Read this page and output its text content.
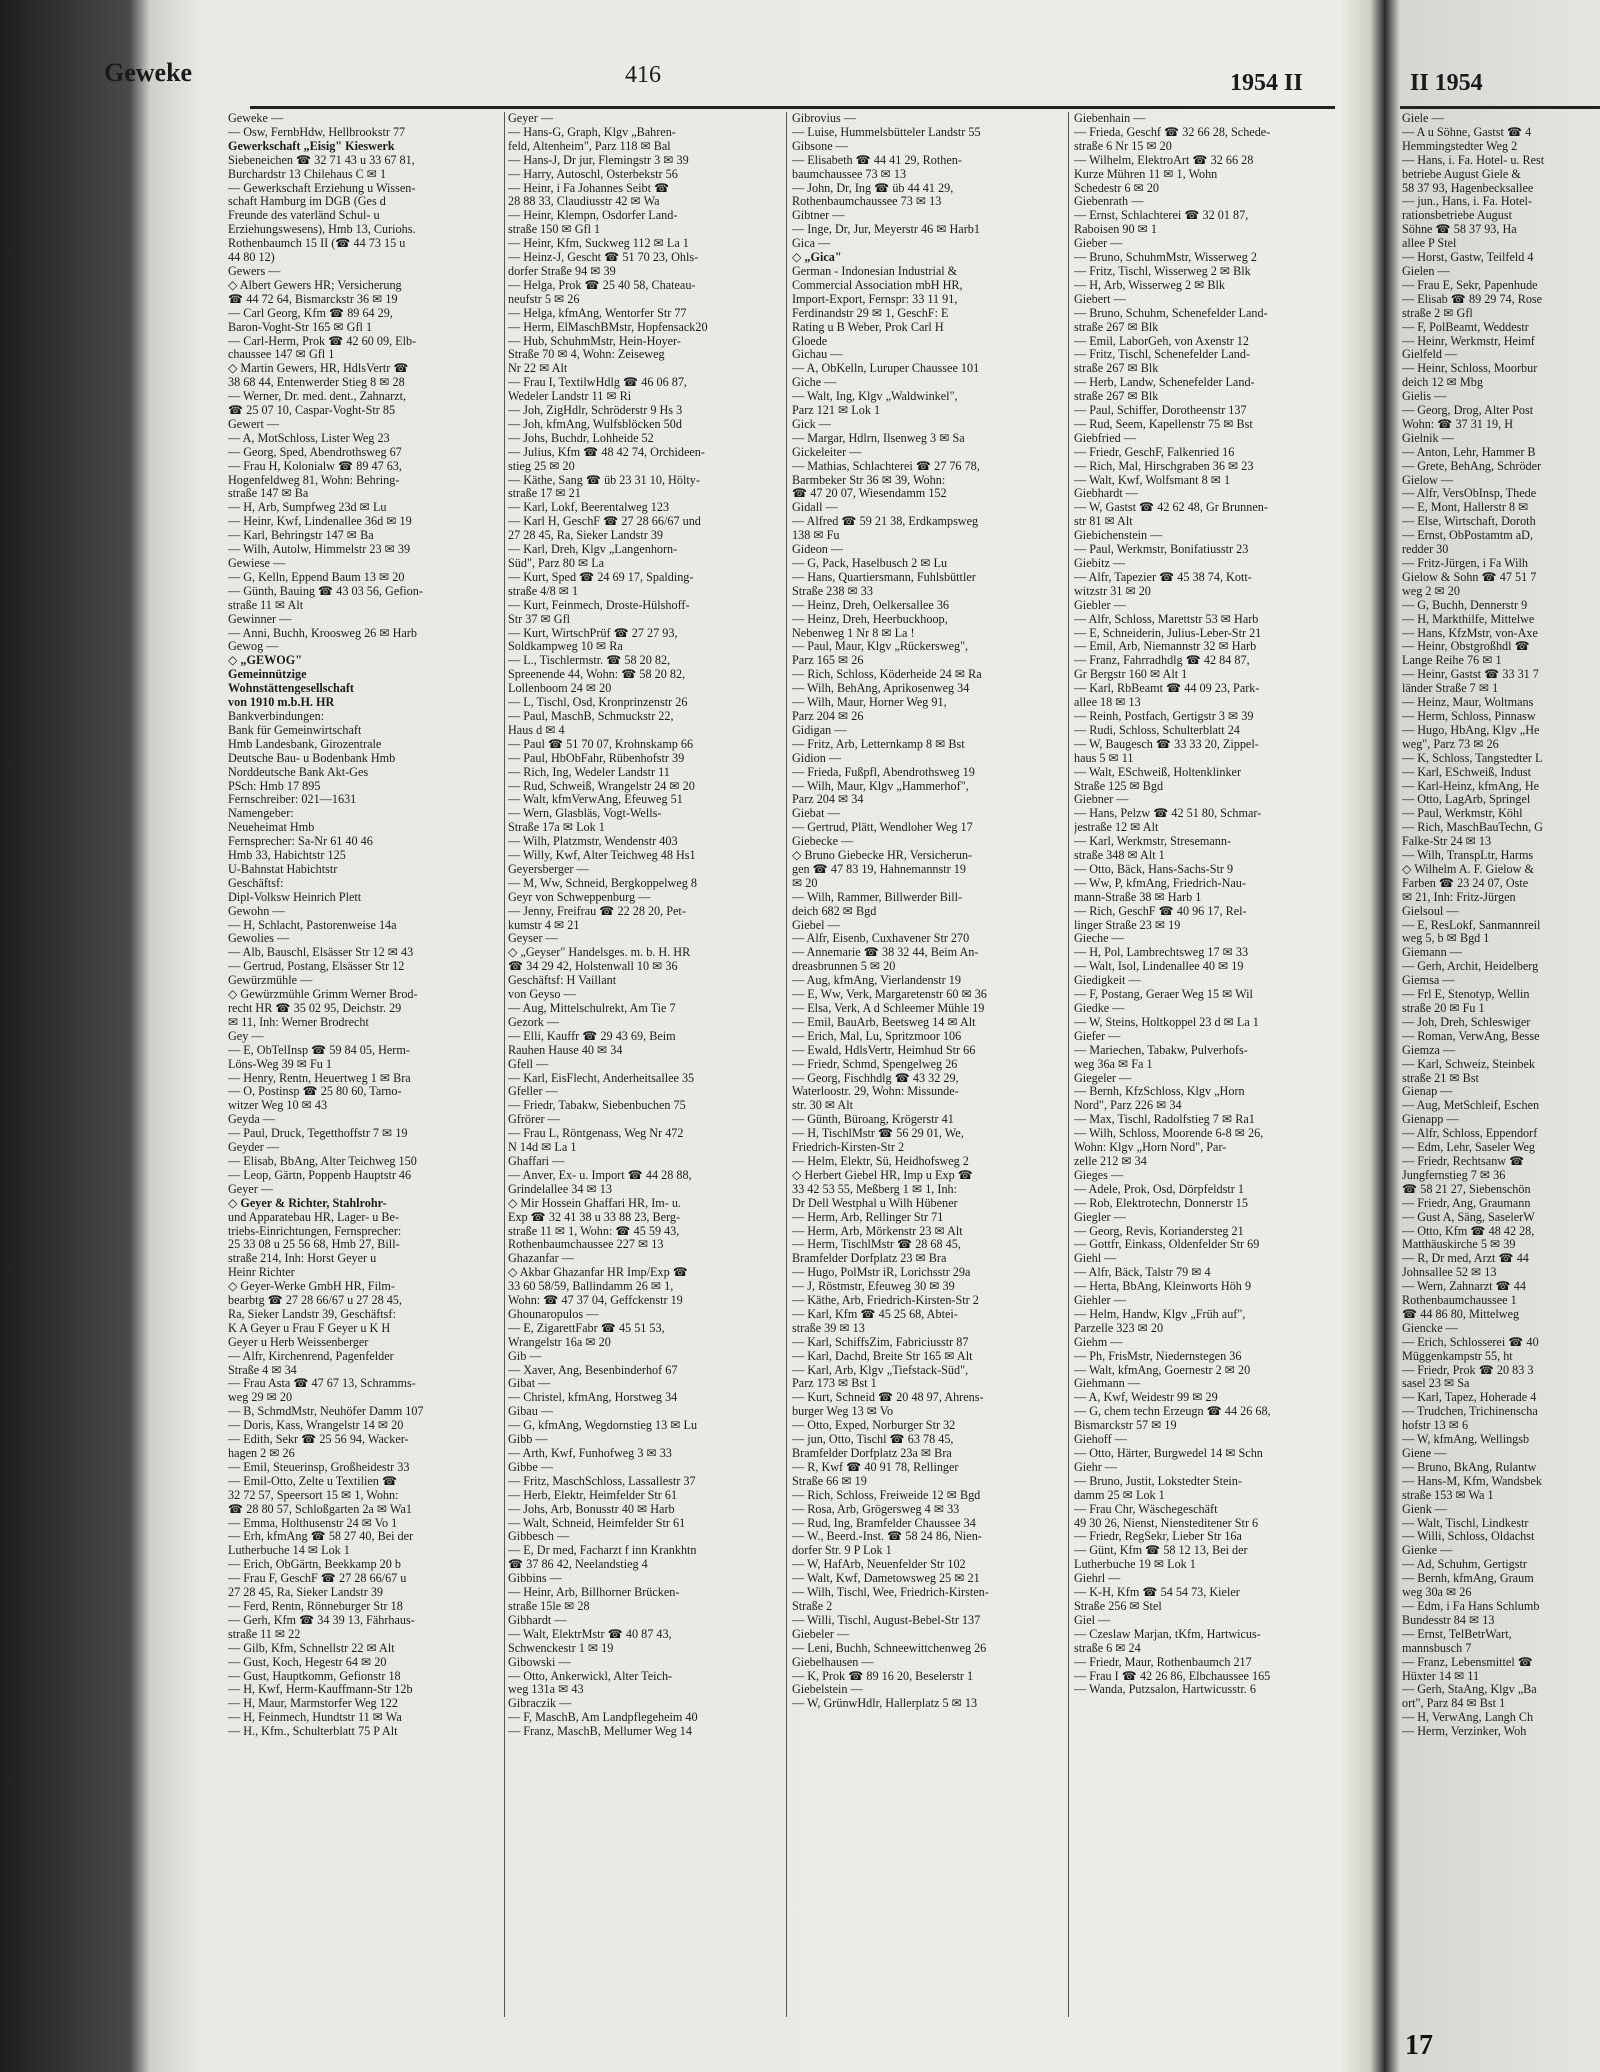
Geweke	416	1954 II	II 1954
Geweke —
— Osw, FernbHdw, Hellbrookstr 77
Gewerkschaft „Eisig" Kieswerk
Siebeneichen ☎ 32 71 43 u 33 67 81,
Burchardstr 13 Chilehaus C ✉ 1
— Gewerkschaft Erziehung u Wissen-
schaft Hamburg im DGB (Ges d
Freunde des vaterländ Schul- u
Erziehungswesens), Hmb 13, Curiohs.
Rothenbaumch 15 II (☎ 44 73 15 u
44 80 12)
Gewers —
◇ Albert Gewers HR; Versicherung
☎ 44 72 64, Bismarckstr 36 ✉ 19
— Carl Georg, Kfm ☎ 89 64 29,
Baron-Voght-Str 165 ✉ Gfl 1
— Carl-Herm, Prok ☎ 42 60 09, Elb-
chaussee 147 ✉ Gfl 1
◇ Martin Gewers, HR, HdlsVertr ☎
38 68 44, Entenwerder Stieg 8 ✉ 28
— Werner, Dr. med. dent., Zahnarzt,
☎ 25 07 10, Caspar-Voght-Str 85
Gewert —
— A, MotSchloss, Lister Weg 23
— Georg, Sped, Abendrothsweg 67
— Frau H, Kolonialw ☎ 89 47 63,
Hogenfeldweg 81, Wohn: Behring-
straße 147 ✉ Ba
— H, Arb, Sumpfweg 23d ✉ Lu
— Heinr, Kwf, Lindenallee 36d ✉ 19
— Karl, Behringstr 147 ✉ Ba
— Wilh, Autolw, Himmelstr 23 ✉ 39
Gewiese —
— G, Kelln, Eppend Baum 13 ✉ 20
— Günth, Bauing ☎ 43 03 56, Gefion-
straße 11 ✉ Alt
Gewinner —
— Anni, Buchh, Kroosweg 26 ✉ Harb
Gewog —
◇ „GEWOG"
Gemeinnützige
Wohnstättengesellschaft
von 1910 m.b.H. HR
Bankverbindungen:
Bank für Gemeinwirtschaft
Hmb Landesbank, Girozentrale
Deutsche Bau- u Bodenbank Hmb
Norddeutsche Bank Akt-Ges
PSch: Hmb 17 895
Fernschreiber: 021—1631
Namengeber:
Neueheimat Hmb
Fernsprecher: Sa-Nr 61 40 46
Hmb 33, Habichtstr 125
U-Bahnstat Habichtstr
Geschäftsf:
Dipl-Volksw Heinrich Plett
Gewohn —
— H, Schlacht, Pastorenweise 14a
Gewolies —
— Alb, Bauschl, Elsässer Str 12 ✉ 43
— Gertrud, Postang, Elsässer Str 12
Gewürzmühle —
◇ Gewürzmühle Grimm Werner Brod-
recht HR ☎ 35 02 95, Deichstr. 29
✉ 11, Inh: Werner Brodrecht
Gey —
— E, ObTelInsp ☎ 59 84 05, Herm-
Löns-Weg 39 ✉ Fu 1
— Henry, Rentn, Heuertweg 1 ✉ Bra
— O, Postinsp ☎ 25 80 60, Tarno-
witzer Weg 10 ✉ 43
Geyda —
— Paul, Druck, Tegetthoffstr 7 ✉ 19
Geyder —
— Elisab, BbAng, Alter Teichweg 150
— Leop, Gärtn, Poppenb Hauptstr 46
Geyer —
◇ Geyer & Richter, Stahlrohr-
und Apparatebau HR, Lager- u Be-
triebs-Einrichtungen, Fernsprecher:
25 33 08 u 25 56 68, Hmb 27, Bill-
straße 214, Inh: Horst Geyer u
Heinr Richter
◇ Geyer-Werke GmbH HR, Film-
bearbtg ☎ 27 28 66/67 u 27 28 45,
Ra, Sieker Landstr 39, Geschäftsf:
K A Geyer u Frau F Geyer u K H
Geyer u Herb Weissenberger
— Alfr, Kirchenrend, Pagenfelder
Straße 4 ✉ 34
— Frau Asta ☎ 47 67 13, Schramms-
weg 29 ✉ 20
— B, SchmdMstr, Neuhöfer Damm 107
— Doris, Kass, Wrangelstr 14 ✉ 20
— Edith, Sekr ☎ 25 56 94, Wacker-
hagen 2 ✉ 26
— Emil, Steuerinsp, Großheidestr 33
— Emil-Otto, Zelte u Textilien ☎
32 72 57, Speersort 15 ✉ 1, Wohn:
☎ 28 80 57, Schloßgarten 2a ✉ Wa1
— Emma, Holthusenstr 24 ✉ Vo 1
— Erh, kfmAng ☎ 58 27 40, Bei der
Lutherbuche 14 ✉ Lok 1
— Erich, ObGärtn, Beekkamp 20 b
— Frau F, GeschF ☎ 27 28 66/67 u
27 28 45, Ra, Sieker Landstr 39
— Ferd, Rentn, Rönneburger Str 18
— Gerh, Kfm ☎ 34 39 13, Fährhaus-
straße 11 ✉ 22
— Gilb, Kfm, Schnellstr 22 ✉ Alt
— Gust, Koch, Hegestr 64 ✉ 20
— Gust, Hauptkomm, Gefionstr 18
— H, Kwf, Herm-Kauffmann-Str 12b
— H, Maur, Marmstorfer Weg 122
— H, Feinmech, Hundtstr 11 ✉ Wa
— H., Kfm., Schulterblatt 75 P Alt
Geyer —
— Hans-G, Graph, Klgv „Bahren-
feld, Altenheim", Parz 118 ✉ Bal
— Hans-J, Dr jur, Flemingstr 3 ✉ 39
— Harry, Autoschl, Osterbekstr 56
— Heinr, i Fa Johannes Seibt ☎
28 88 33, Claudiusstr 42 ✉ Wa
— Heinr, Klempn, Osdorfer Land-
straße 150 ✉ Gfl 1
— Heinr, Kfm, Suckweg 112 ✉ La 1
— Heinz-J, Gescht ☎ 51 70 23, Ohls-
dorfer Straße 94 ✉ 39
— Helga, Prok ☎ 25 40 58, Chateau-
neufstr 5 ✉ 26
— Helga, kfmAng, Wentorfer Str 77
— Herm, ElMaschBMstr, Hopfensack20
— Hub, SchuhmMstr, Hein-Hoyer-
Straße 70 ✉ 4, Wohn: Zeiseweg
Nr 22 ✉ Alt
— Frau I, TextilwHdlg ☎ 46 06 87,
Wedeler Landstr 11 ✉ Ri
— Joh, ZigHdlr, Schröderstr 9 Hs 3
— Joh, kfmAng, Wulfsblöcken 50d
— Johs, Buchdr, Lohheide 52
— Julius, Kfm ☎ 48 42 74, Orchideen-
stieg 25 ✉ 20
— Käthe, Sang ☎ üb 23 31 10, Hölty-
straße 17 ✉ 21
— Karl, Lokf, Beerentalweg 123
— Karl H, GeschF ☎ 27 28 66/67 und
27 28 45, Ra, Sieker Landstr 39
— Karl, Dreh, Klgv „Langenhorn-
Süd", Parz 80 ✉ La
— Kurt, Sped ☎ 24 69 17, Spalding-
straße 4/8 ✉ 1
— Kurt, Feinmech, Droste-Hülshoff-
Str 37 ✉ Gfl
— Kurt, WirtschPrüf ☎ 27 27 93,
Soldkampweg 10 ✉ Ra
— L., Tischlermstr. ☎ 58 20 82,
Spreenende 44, Wohn: ☎ 58 20 82,
Lollenboom 24 ✉ 20
— L, Tischl, Osd, Kronprinzenstr 26
— Paul, MaschB, Schmuckstr 22,
Haus d ✉ 4
— Paul ☎ 51 70 07, Krohnskamp 66
— Paul, HbObFahr, Rübenhofstr 39
— Rich, Ing, Wedeler Landstr 11
— Rud, Schweiß, Wrangelstr 24 ✉ 20
— Walt, kfmVerwAng, Efeuweg 51
— Wern, Glasbläs, Vogt-Wells-
Straße 17a ✉ Lok 1
— Wilh, Platzmstr, Wendenstr 403
— Willy, Kwf, Alter Teichweg 48 Hs1
Geyersberger —
— M, Ww, Schneid, Bergkoppelweg 8
Geyr von Schweppenburg —
— Jenny, Freifrau ☎ 22 28 20, Pet-
kumstr 4 ✉ 21
Geyser —
◇ „Geyser" Handelsges. m. b. H. HR
☎ 34 29 42, Holstenwall 10 ✉ 36
Geschäftsf: H Vaillant
von Geyso —
— Aug, Mittelschulrekt, Am Tie 7
Gezork —
— Elli, Kauffr ☎ 29 43 69, Beim
Rauhen Hause 40 ✉ 34
Gfell —
— Karl, EisFlecht, Anderheitsallee 35
Gfeller —
— Friedr, Tabakw, Siebenbuchen 75
Gfrörer —
— Frau L, Röntgenass, Weg Nr 472
N 14d ✉ La 1
Ghaffari —
— Anver, Ex- u. Import ☎ 44 28 88,
Grindelallee 34 ✉ 13
◇ Mir Hossein Ghaffari HR, Im- u.
Exp ☎ 32 41 38 u 33 88 23, Berg-
straße 11 ✉ 1, Wohn: ☎ 45 59 43,
Rothenbaumchaussee 227 ✉ 13
Ghazanfar —
◇ Akbar Ghazanfar HR Imp/Exp ☎
33 60 58/59, Ballindamm 26 ✉ 1,
Wohn: ☎ 47 37 04, Geffckenstr 19
Ghounaropulos —
— E, ZigarettFabr ☎ 45 51 53,
Wrangelstr 16a ✉ 20
Gib —
— Xaver, Ang, Besenbinderhof 67
Gibat —
— Christel, kfmAng, Horstweg 34
Gibau —
— G, kfmAng, Wegdornstieg 13 ✉ Lu
Gibb —
— Arth, Kwf, Funhofweg 3 ✉ 33
Gibbe —
— Fritz, MaschSchloss, Lassallestr 37
— Herb, Elektr, Heimfelder Str 61
— Johs, Arb, Bonusstr 40 ✉ Harb
— Walt, Schneid, Heimfelder Str 61
Gibbesch —
— E, Dr med, Facharzt f inn Krankhtn
☎ 37 86 42, Neelandstieg 4
Gibbins —
— Heinr, Arb, Billhorner Brücken-
straße 15le ✉ 28
Gibhardt —
— Walt, ElektrMstr ☎ 40 87 43,
Schwenckestr 1 ✉ 19
Gibowski —
— Otto, Ankerwickl, Alter Teich-
weg 131a ✉ 43
Gibraczik —
— F, MaschB, Am Landpflegeheim 40
— Franz, MaschB, Mellumer Weg 14
Gibrovius —
— Luise, Hummelsbütteler Landstr 55
Gibsone —
— Elisabeth ☎ 44 41 29, Rothen-
baumchaussee 73 ✉ 13
— John, Dr, Ing ☎ üb 44 41 29,
Rothenbaumchaussee 73 ✉ 13
Gibtner —
— Inge, Dr, Jur, Meyerstr 46 ✉ Harb1
Gica —
◇ „Gica"
German - Indonesian Industrial &
Commercial Association mbH HR,
Import-Export, Fernspr: 33 11 91,
Ferdinandstr 29 ✉ 1, GeschF: E
Rating u B Weber, Prok Carl H
Gloede
Gichau —
— A, ObKelln, Luruper Chaussee 101
Giche —
— Walt, Ing, Klgv „Waldwinkel",
Parz 121 ✉ Lok 1
Gick —
— Margar, Hdlrn, Ilsenweg 3 ✉ Sa
Gickeleiter —
— Mathias, Schlachterei ☎ 27 76 78,
Barmbeker Str 36 ✉ 39, Wohn:
☎ 47 20 07, Wiesendamm 152
Gidall —
— Alfred ☎ 59 21 38, Erdkampsweg
138 ✉ Fu
Gideon —
— G, Pack, Haselbusch 2 ✉ Lu
— Hans, Quartiersmann, Fuhlsbüttler
Straße 238 ✉ 33
— Heinz, Dreh, Oelkersallee 36
— Heinz, Dreh, Heerbuckhoop,
Nebenweg 1 Nr 8 ✉ La !
— Paul, Maur, Klgv „Rückersweg",
Parz 165 ✉ 26
— Rich, Schloss, Köderheide 24 ✉ Ra
— Wilh, BehAng, Aprikosenweg 34
— Wilh, Maur, Horner Weg 91,
Parz 204 ✉ 26
Gidigan —
— Fritz, Arb, Letternkamp 8 ✉ Bst
Gidion —
— Frieda, Fußpfl, Abendrothsweg 19
— Wilh, Maur, Klgv „Hammerhof",
Parz 204 ✉ 34
Giebat —
— Gertrud, Plätt, Wendloher Weg 17
Giebecke —
◇ Bruno Giebecke HR, Versicherun-
gen ☎ 47 83 19, Hahnemannstr 19
✉ 20
— Wilh, Rammer, Billwerder Bill-
deich 682 ✉ Bgd
Giebel —
— Alfr, Eisenb, Cuxhavener Str 270
— Annemarie ☎ 38 32 44, Beim An-
dreasbrunnen 5 ✉ 20
— Aug, kfmAng, Vierlandenstr 19
— E, Ww, Verk, Margaretenstr 60 ✉ 36
— Elsa, Verk, A d Schleemer Mühle 19
— Emil, BauArb, Beetsweg 14 ✉ Alt
— Erich, Mal, Lu, Spritzmoor 106
— Ewald, HdlsVertr, Heimhud Str 66
— Friedr, Schmd, Spengelweg 26
— Georg, Fischhdlg ☎ 43 32 29,
Waterloostr. 29, Wohn: Missunde-
str. 30 ✉ Alt
— Günth, Büroang, Krögerstr 41
— H, TischlMstr ☎ 56 29 01, We,
Friedrich-Kirsten-Str 2
— Helm, Elektr, Sü, Heidhofsweg 2
◇ Herbert Giebel HR, Imp u Exp ☎
33 42 53 55, Meßberg 1 ✉ 1, Inh:
Dr Dell Westphal u Wilh Hübener
— Herm, Arb, Rellinger Str 71
— Herm, Arb, Mörkenstr 23 ✉ Alt
— Herm, TischlMstr ☎ 28 68 45,
Bramfelder Dorfplatz 23 ✉ Bra
— Hugo, PolMstr iR, Lorichsstr 29a
— J, Röstmstr, Efeuweg 30 ✉ 39
— Käthe, Arb, Friedrich-Kirsten-Str 2
— Karl, Kfm ☎ 45 25 68, Abtei-
straße 39 ✉ 13
— Karl, SchiffsZim, Fabriciusstr 87
— Karl, Dachd, Breite Str 165 ✉ Alt
— Karl, Arb, Klgv „Tiefstack-Süd",
Parz 173 ✉ Bst 1
— Kurt, Schneid ☎ 20 48 97, Ahrens-
burger Weg 13 ✉ Vo
— Otto, Exped, Norburger Str 32
— jun, Otto, Tischl ☎ 63 78 45,
Bramfelder Dorfplatz 23a ✉ Bra
— R, Kwf ☎ 40 91 78, Rellinger
Straße 66 ✉ 19
— Rich, Schloss, Freiweide 12 ✉ Bgd
— Rosa, Arb, Grögersweg 4 ✉ 33
— Rud, Ing, Bramfelder Chaussee 34
— W., Beerd.-Inst. ☎ 58 24 86, Nien-
dorfer Str. 9 P Lok 1
— W, HafArb, Neuenfelder Str 102
— Walt, Kwf, Dametowsweg 25 ✉ 21
— Wilh, Tischl, Wee, Friedrich-Kirsten-
Straße 2
— Willi, Tischl, August-Bebel-Str 137
Giebeler —
— Leni, Buchh, Schneewittchenweg 26
Giebelhausen —
— K, Prok ☎ 89 16 20, Beselerstr 1
Giebelstein —
— W, GrünwHdlr, Hallerplatz 5 ✉ 13
Giebenhain —
— Frieda, Geschf ☎ 32 66 28, Schede-
straße 6 Nr 15 ✉ 20
— Wilhelm, ElektroArt ☎ 32 66 28
Kurze Mühren 11 ✉ 1, Wohn
Schedestr 6 ✉ 20
Giebenrath —
— Ernst, Schlachterei ☎ 32 01 87,
Raboisen 90 ✉ 1
Gieber —
— Bruno, SchuhmMstr, Wisserweg 2
— Fritz, Tischl, Wisserweg 2 ✉ Blk
— H, Arb, Wisserweg 2 ✉ Blk
Giebert —
— Bruno, Schuhm, Schenefelder Land-
straße 267 ✉ Blk
— Emil, LaborGeh, von Axenstr 12
— Fritz, Tischl, Schenefelder Land-
straße 267 ✉ Blk
— Herb, Landw, Schenefelder Land-
straße 267 ✉ Blk
— Paul, Schiffer, Dorotheenstr 137
— Rud, Seem, Kapellenstr 75 ✉ Bst
Giebfried —
— Friedr, GeschF, Falkenried 16
— Rich, Mal, Hirschgraben 36 ✉ 23
— Walt, Kwf, Wolfsmant 8 ✉ 1
Giebhardt —
— W, Gastst ☎ 42 62 48, Gr Brunnen-
str 81 ✉ Alt
Giebichenstein —
— Paul, Werkmstr, Bonifatiusstr 23
Giebitz —
— Alfr, Tapezier ☎ 45 38 74, Kott-
witzstr 31 ✉ 20
Giebler —
— Alfr, Schloss, Marettstr 53 ✉ Harb
— E, Schneiderin, Julius-Leber-Str 21
— Emil, Arb, Niemannstr 32 ✉ Harb
— Franz, Fahrradhdlg ☎ 42 84 87,
Gr Bergstr 160 ✉ Alt 1
— Karl, RbBeamt ☎ 44 09 23, Park-
allee 18 ✉ 13
— Reinh, Postfach, Gertigstr 3 ✉ 39
— Rudi, Schloss, Schulterblatt 24
— W, Baugesch ☎ 33 33 20, Zippel-
haus 5 ✉ 11
— Walt, ESchweiß, Holtenklinker
Straße 125 ✉ Bgd
Giebner —
— Hans, Pelzw ☎ 42 51 80, Schmar-
jestraße 12 ✉ Alt
— Karl, Werkmstr, Stresemann-
straße 348 ✉ Alt 1
— Otto, Bäck, Hans-Sachs-Str 9
— Ww, P, kfmAng, Friedrich-Nau-
mann-Straße 38 ✉ Harb 1
— Rich, GeschF ☎ 40 96 17, Rel-
linger Straße 23 ✉ 19
Gieche —
— H, Pol, Lambrechtsweg 17 ✉ 33
— Walt, Isol, Lindenallee 40 ✉ 19
Giedigkeit —
— F, Postang, Geraer Weg 15 ✉ Wil
Giedke —
— W, Steins, Holtkoppel 23 d ✉ La 1
Giefer —
— Mariechen, Tabakw, Pulverhofs-
weg 36a ✉ Fa 1
Giegeler —
— Bernh, KfzSchloss, Klgv „Horn
Nord", Parz 226 ✉ 34
— Max, Tischl, Radolfstieg 7 ✉ Ra1
— Wilh, Schloss, Moorende 6-8 ✉ 26,
Wohn: Klgv „Horn Nord", Par-
zelle 212 ✉ 34
Gieges —
— Adele, Prok, Osd, Dörpfeldstr 1
— Rob, Elektrotechn, Donnerstr 15
Giegler —
— Georg, Revis, Koriandersteg 21
— Gottfr, Einkass, Oldenfelder Str 69
Giehl —
— Alfr, Bäck, Talstr 79 ✉ 4
— Herta, BbAng, Kleinworts Höh 9
Giehler —
— Helm, Handw, Klgv „Früh auf",
Parzelle 323 ✉ 20
Giehm —
— Ph, FrisMstr, Niedernstegen 36
— Walt, kfmAng, Goernestr 2 ✉ 20
Giehmann —
— A, Kwf, Weidestr 99 ✉ 29
— G, chem techn Erzeugn ☎ 44 26 68,
Bismarckstr 57 ✉ 19
Giehoff —
— Otto, Härter, Burgwedel 14 ✉ Schn
Giehr —
— Bruno, Justit, Lokstedter Stein-
damm 25 ✉ Lok 1
— Frau Chr, Wäschegeschäft
49 30 26, Nienst, Niensteditener Str 6
— Friedr, RegSekr, Lieber Str 16a
— Günt, Kfm ☎ 58 12 13, Bei der
Lutherbuche 19 ✉ Lok 1
Giehrl —
— K-H, Kfm ☎ 54 54 73, Kieler
Straße 256 ✉ Stel
Giel —
— Czeslaw Marjan, tKfm, Hartwicus-
straße 6 ✉ 24
— Friedr, Maur, Rothenbaumch 217
— Frau I ☎ 42 26 86, Elbchaussee 165
— Wanda, Putzsalon, Hartwicusstr. 6
Giele —
— A u Söhne, Gastst ☎ 4
Hemmingstedter Weg 2
— Hans, i. Fa. Hotel- u. Rest
betriebe August Giele &
58 37 93, Hagenbecksallee
— jun., Hans, i. Fa. Hotel-
rationsbetriebe August
Söhne ☎ 58 37 93, Ha
allee P Stel
— Horst, Gastw, Teilfeld 4
Gielen —
— Frau E, Sekr, Papenhude
— Elisab ☎ 89 29 74, Rose
straße 2 ✉ Gfl
— F, PolBeamt, Weddestr
— Heinr, Werkmstr, Heimf
Gielfeld —
— Heinr, Schloss, Moorbur
deich 12 ✉ Mbg
Gielis —
— Georg, Drog, Alter Post
Wohn: ☎ 37 31 19, H
Gielnik —
— Anton, Lehr, Hammer B
— Grete, BehAng, Schröder
Gielow —
— Alfr, VersObInsp, Thede
— E, Mont, Hallerstr 8 ✉
— Else, Wirtschaft, Doroth
— Ernst, ObPostamtm aD,
redder 30
— Fritz-Jürgen, i Fa Wilh
Gielow & Sohn ☎ 47 51 7
weg 2 ✉ 20
— G, Buchh, Dennerstr 9
— H, Markthilfe, Mittelwe
— Hans, KfzMstr, von-Axe
— Heinr, Obstgroßhdl ☎
Lange Reihe 76 ✉ 1
— Heinr, Gastst ☎ 33 31 7
länder Straße 7 ✉ 1
— Heinz, Maur, Woltmans
— Herm, Schloss, Pinnasw
— Hugo, HbAng, Klgv „He
weg", Parz 73 ✉ 26
— K, Schloss, Tangstedter L
— Karl, ESchweiß, Indust
— Karl-Heinz, kfmAng, He
— Otto, LagArb, Springel
— Paul, Werkmstr, Köhl
— Rich, MaschBauTechn, G
Falke-Str 24 ✉ 13
— Wilh, TranspLtr, Harms
◇ Wilhelm A. F. Gielow &
Farben ☎ 23 24 07, Oste
✉ 21, Inh: Fritz-Jürgen
Gielsoul —
— E, ResLokf, Sanmannreil
weg 5, b ✉ Bgd 1
Giemann —
— Gerh, Archit, Heidelberg
Giemsa —
— Frl E, Stenotyp, Wellin
straße 20 ✉ Fu 1
— Joh, Dreh, Schleswiger
— Roman, VerwAng, Besse
Giemza —
— Karl, Schweiz, Steinbek
straße 21 ✉ Bst
Gienap —
— Aug, MetSchleif, Eschen
Gienapp —
— Alfr, Schloss, Eppendorf
— Edm, Lehr, Saseler Weg
— Friedr, Rechtsanw ☎
Jungfernstieg 7 ✉ 36
☎ 58 21 27, Siebenschön
— Friedr, Ang, Graumann
— Gust A, Säng, SaselerW
— Otto, Kfm ☎ 48 42 28,
Matthäuskirche 5 ✉ 39
— R, Dr med, Arzt ☎ 44
Johnsallee 52 ✉ 13
— Wern, Zahnarzt ☎ 44
Rothenbaumchaussee 1
☎ 44 86 80, Mittelweg
Giencke —
— Erich, Schlosserei ☎ 40
Müggenkampstr 55, ht
— Friedr, Prok ☎ 20 83 3
sasel 23 ✉ Sa
— Karl, Tapez, Hoherade 4
— Trudchen, Trichinenscha
hofstr 13 ✉ 6
— W, kfmAng, Wellingsb
Giene —
— Bruno, BkAng, Rulantw
— Hans-M, Kfm, Wandsbek
straße 153 ✉ Wa 1
Gienk —
— Walt, Tischl, Lindkestr
— Willi, Schloss, Oldachst
Gienke —
— Ad, Schuhm, Gertigstr
— Bernh, kfmAng, Graum
weg 30a ✉ 26
— Edm, i Fa Hans Schlumb
Bundesstr 84 ✉ 13
— Ernst, TelBetrWart,
mannsbusch 7
— Franz, Lebensmittel ☎
Hüxter 14 ✉ 11
— Gerh, StaAng, Klgv „Ba
ort", Parz 84 ✉ Bst 1
— H, VerwAng, Langh Ch
— Herm, Verzinker, Woh
17
